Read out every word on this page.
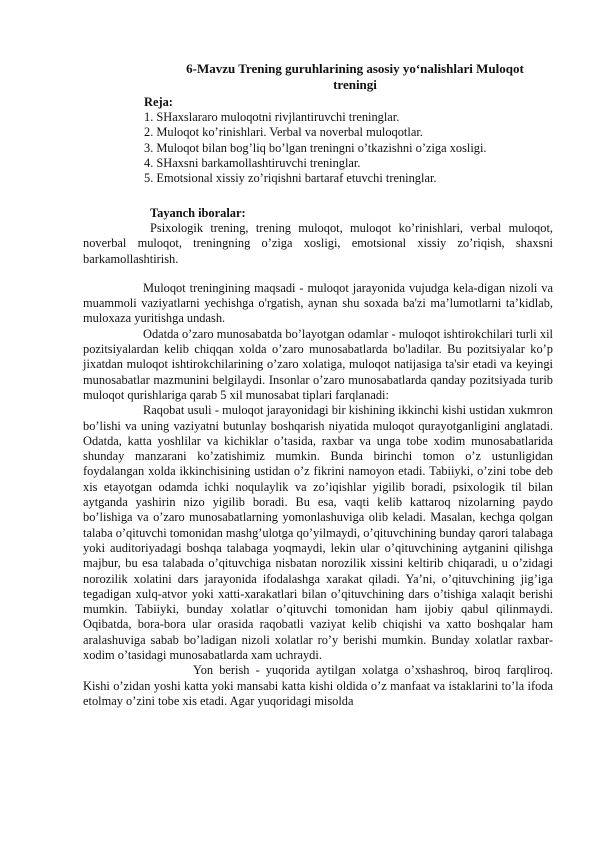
6-Mavzu Trening guruhlarining asosiy yo‘nalishlari Muloqot
treningi
Reja:
1. SHaxslararo muloqotni rivjlantiruvchi treninglar.
2. Muloqot ko’rinishlari. Verbal va noverbal muloqotlar.
3. Muloqot bilan bog’liq bo’lgan treningni o’tkazishni o’ziga xosligi.
4. SHaxsni barkamollashtiruvchi treninglar.
5. Emotsional xissiy zo’riqishni bartaraf etuvchi treninglar.
Tayanch iboralar:

Psixologik trening, trening muloqot, muloqot ko’rinishlari, verbal muloqot, noverbal muloqot, treningning o’ziga xosligi, emotsional xissiy zo’riqish, shaxsni barkamollashtirish.

Muloqot treningining maqsadi - muloqot jarayonida vujudga kela-digan nizoli va muammoli vaziyatlarni yechishga o'rgatish, aynan shu soxada ba'zi ma’lumotlarni ta’kidlab, muloxaza yuritishga undash.

Odatda o’zaro munosabatda bo’layotgan odamlar - muloqot ishtirokchilari turli xil pozitsiyalardan kelib chiqqan xolda o’zaro munosabatlarda bo'ladilar. Bu pozitsiyalar ko’p jixatdan muloqot ishtirokchilarining o’zaro xolatiga, muloqot natijasiga ta'sir etadi va keyingi munosabatlar mazmunini belgilaydi. Insonlar o’zaro munosabatlarda qanday pozitsiyada turib muloqot qurishlariga qarab 5 xil munosabat tiplari farqlanadi:

Raqobat usuli - muloqot jarayonidagi bir kishining ikkinchi kishi ustidan xukmron bo’lishi va uning vaziyatni butunlay boshqarish niyatida muloqot qurayotganligini anglatadi. Odatda, katta yoshlilar va kichiklar o’tasida, raxbar va unga tobe xodim munosabatlarida shunday manzarani ko’zatishimiz mumkin. Bunda birinchi tomon o’z ustunligidan foydalangan xolda ikkinchisining ustidan o’z fikrini namoyon etadi. Tabiiyki, o’zini tobe deb xis etayotgan odamda ichki noqulaylik va zo’iqishlar yigilib boradi, psixologik til bilan aytganda yashirin nizo yigilib boradi. Bu esa, vaqti kelib kattaroq nizolarning paydo bo’lishiga va o’zaro munosabatlarning yomonlashuviga olib keladi. Masalan, kechga qolgan talaba o’qituvchi tomonidan mashg’ulotga qo’yilmaydi, o’qituvchining bunday qarori talabaga yoki auditoriyadagi boshqa talabaga yoqmaydi, lekin ular o’qituvchining aytganini qilishga majbur, bu esa talabada o’qituvchiga nisbatan norozilik xissini keltirib chiqaradi, u o’zidagi norozilik xolatini dars jarayonida ifodalashga xarakat qiladi. Ya’ni, o’qituvchining jig’iga tegadigan xulq-atvor yoki xatti-xarakatlari bilan o’qituvchining dars o’tishiga xalaqit berishi mumkin. Tabiiyki, bunday xolatlar o’qituvchi tomonidan ham ijobiy qabul qilinmaydi. Oqibatda, bora-bora ular orasida raqobatli vaziyat kelib chiqishi va xatto boshqalar ham aralashuviga sabab bo’ladigan nizoli xolatlar ro’y berishi mumkin. Bunday xolatlar raxbar-xodim o’tasidagi munosabatlarda xam uchraydi.

Yon berish - yuqorida aytilgan xolatga o’xshashroq, biroq farqliroq. Kishi o’zidan yoshi katta yoki mansabi katta kishi oldida o’z manfaat va istaklarini to’la ifoda etolmay o’zini tobe xis etadi. Agar yuqoridagi misolda
